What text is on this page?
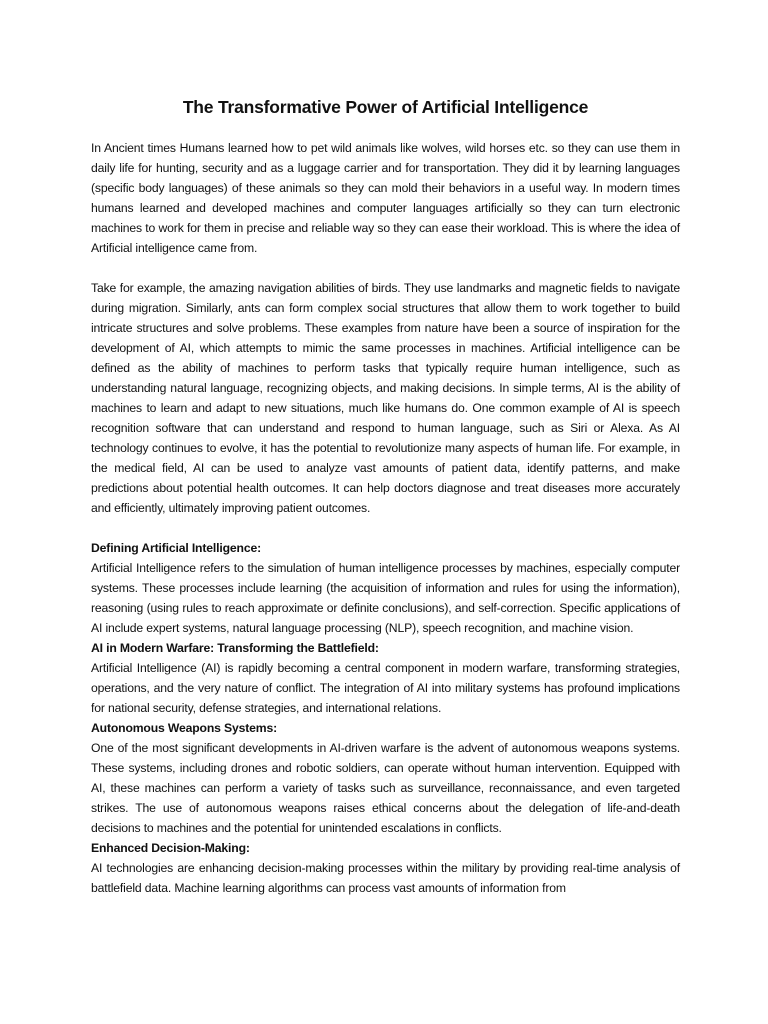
The Transformative Power of Artificial Intelligence

In Ancient times Humans learned how to pet wild animals like wolves, wild horses etc. so they can use them in daily life for hunting, security and as a luggage carrier and for transportation. They did it by learning languages (specific body languages) of these animals so they can mold their behaviors in a useful way. In modern times humans learned and developed machines and computer languages artificially so they can turn electronic machines to work for them in precise and reliable way so they can ease their workload. This is where the idea of Artificial intelligence came from.

Take for example, the amazing navigation abilities of birds. They use landmarks and magnetic fields to navigate during migration. Similarly, ants can form complex social structures that allow them to work together to build intricate structures and solve problems. These examples from nature have been a source of inspiration for the development of AI, which attempts to mimic the same processes in machines. Artificial intelligence can be defined as the ability of machines to perform tasks that typically require human intelligence, such as understanding natural language, recognizing objects, and making decisions. In simple terms, AI is the ability of machines to learn and adapt to new situations, much like humans do. One common example of AI is speech recognition software that can understand and respond to human language, such as Siri or Alexa. As AI technology continues to evolve, it has the potential to revolutionize many aspects of human life. For example, in the medical field, AI can be used to analyze vast amounts of patient data, identify patterns, and make predictions about potential health outcomes. It can help doctors diagnose and treat diseases more accurately and efficiently, ultimately improving patient outcomes.

Defining Artificial Intelligence:

Artificial Intelligence refers to the simulation of human intelligence processes by machines, especially computer systems. These processes include learning (the acquisition of information and rules for using the information), reasoning (using rules to reach approximate or definite conclusions), and self-correction. Specific applications of AI include expert systems, natural language processing (NLP), speech recognition, and machine vision.

AI in Modern Warfare: Transforming the Battlefield:

Artificial Intelligence (AI) is rapidly becoming a central component in modern warfare, transforming strategies, operations, and the very nature of conflict. The integration of AI into military systems has profound implications for national security, defense strategies, and international relations.

Autonomous Weapons Systems:

One of the most significant developments in AI-driven warfare is the advent of autonomous weapons systems. These systems, including drones and robotic soldiers, can operate without human intervention. Equipped with AI, these machines can perform a variety of tasks such as surveillance, reconnaissance, and even targeted strikes. The use of autonomous weapons raises ethical concerns about the delegation of life-and-death decisions to machines and the potential for unintended escalations in conflicts.

Enhanced Decision-Making:

AI technologies are enhancing decision-making processes within the military by providing real-time analysis of battlefield data. Machine learning algorithms can process vast amounts of information from
